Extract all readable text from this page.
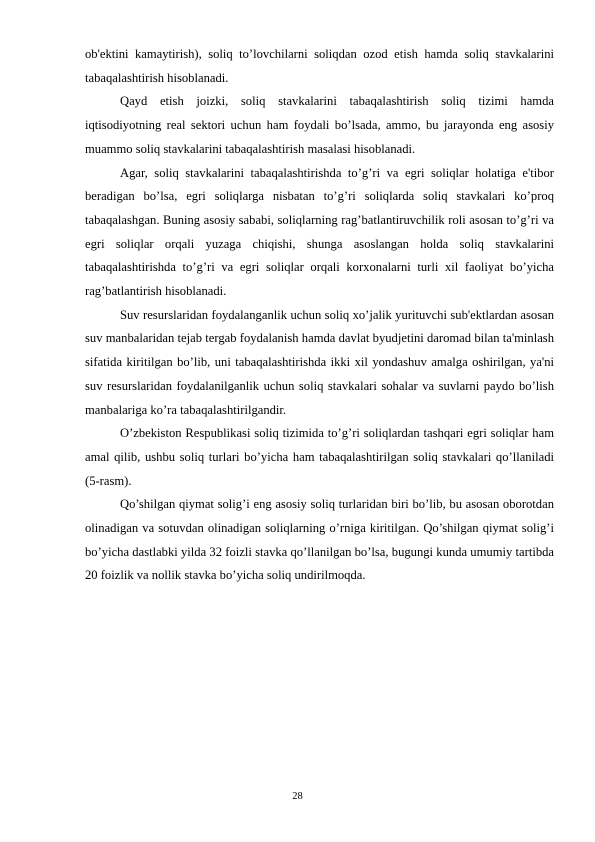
ob'ektini kamaytirish), soliq to’lovchilarni soliqdan ozod etish hamda soliq stavkalarini tabaqalashtirish hisoblanadi.

Qayd etish joizki, soliq stavkalarini tabaqalashtirish soliq tizimi hamda iqtisodiyotning real sektori uchun ham foydali bo’lsada, ammo, bu jarayonda eng asosiy muammo soliq stavkalarini tabaqalashtirish masalasi hisoblanadi.

Agar, soliq stavkalarini tabaqalashtirishda to’g’ri va egri soliqlar holatiga e'tibor beradigan bo’lsa, egri soliqlarga nisbatan to’g’ri soliqlarda soliq stavkalari ko’proq tabaqalashgan. Buning asosiy sababi, soliqlarning rag’batlantiruvchilik roli asosan to’g’ri va egri soliqlar orqali yuzaga chiqishi, shunga asoslangan holda soliq stavkalarini tabaqalashtirishda to’g’ri va egri soliqlar orqali korxonalarni turli xil faoliyat bo’yicha rag’batlantirish hisoblanadi.

Suv resurslaridan foydalanganlik uchun soliq xo’jalik yurituvchi sub'ektlardan asosan suv manbalaridan tejab tergab foydalanish hamda davlat byudjetini daromad bilan ta'minlash sifatida kiritilgan bo’lib, uni tabaqalashtirishda ikki xil yondashuv amalga oshirilgan, ya'ni suv resurslaridan foydalanilganlik uchun soliq stavkalari sohalar va suvlarni paydo bo’lish manbalariga ko’ra tabaqalashtirilgandir.

O’zbekiston Respublikasi soliq tizimida to’g’ri soliqlardan tashqari egri soliqlar ham amal qilib, ushbu soliq turlari bo’yicha ham tabaqalashtirilgan soliq stavkalari qo’llaniladi (5-rasm).

Qo’shilgan qiymat solig’i eng asosiy soliq turlaridan biri bo’lib, bu asosan oborotdan olinadigan va sotuvdan olinadigan soliqlarning o’rniga kiritilgan. Qo’shilgan qiymat solig’i bo’yicha dastlabki yilda 32 foizli stavka qo’llanilgan bo’lsa, bugungi kunda umumiy tartibda 20 foizlik va nollik stavka bo’yicha soliq undirilmoqda.

28
